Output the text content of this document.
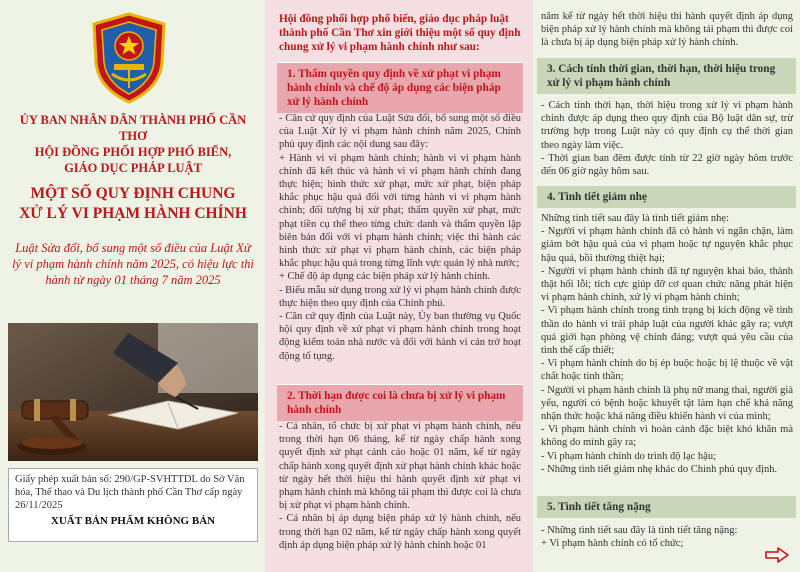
ỦY BAN NHÂN DÂN THÀNH PHỐ CẦN THƠ
HỘI ĐỒNG PHỐI HỢP PHỔ BIẾN,
GIÁO DỤC PHÁP LUẬT
MỘT SỐ QUY ĐỊNH CHUNG
XỬ LÝ VI PHẠM HÀNH CHÍNH
Luật Sửa đổi, bổ sung một số điều của Luật Xử lý vi phạm hành chính năm 2025, có hiệu lực thi hành từ ngày 01 tháng 7 năm 2025
Giấy phép xuất bản số: 290/GP-SVHTTDL do Sở Văn hóa, Thể thao và Du lịch thành phố Cần Thơ cấp ngày 26/11/2025
XUẤT BẢN PHẨM KHÔNG BÁN
Hội đồng phối hợp phổ biến, giáo dục pháp luật thành phố Cần Thơ xin giới thiệu một số quy định chung xử lý vi phạm hành chính như sau:
1. Thẩm quyền quy định về xử phạt vi phạm hành chính và chế độ áp dụng các biện pháp xử lý hành chính

- Căn cứ quy định của Luật Sửa đổi, bổ sung một số điều của Luật Xử lý vi phạm hành chính năm 2025, Chính phủ quy định các nội dung sau đây:

+ Hành vi vi phạm hành chính; hành vi vi phạm hành chính đã kết thúc và hành vi vi phạm hành chính đang thực hiện; hình thức xử phạt, mức xử phạt, biện pháp khắc phục hậu quả đối với từng hành vi vi phạm hành chính; đối tượng bị xử phạt; thẩm quyền xử phạt, mức phạt tiền cụ thể theo từng chức danh và thẩm quyền lập biên bản đối với vi phạm hành chính; việc thi hành các hình thức xử phạt vi phạm hành chính, các biện pháp khắc phục hậu quả trong từng lĩnh vực quản lý nhà nước;

+ Chế độ áp dụng các biện pháp xử lý hành chính.

- Biểu mẫu sử dụng trong xử lý vi phạm hành chính được thực hiện theo quy định của Chính phủ.

- Căn cứ quy định của Luật này, Ủy ban thường vụ Quốc hội quy định về xử phạt vi phạm hành chính trong hoạt động kiểm toán nhà nước và đối với hành vi cản trở hoạt động tố tụng.

2. Thời hạn được coi là chưa bị xử lý vi phạm hành chính

- Cá nhân, tổ chức bị xử phạt vi phạm hành chính, nếu trong thời hạn 06 tháng, kể từ ngày chấp hành xong quyết định xử phạt cảnh cáo hoặc 01 năm, kể từ ngày chấp hành xong quyết định xử phạt hành chính khác hoặc từ ngày hết thời hiệu thi hành quyết định xử phạt vi phạm hành chính mà không tái phạm thì được coi là chưa bị xử phạt vi phạm hành chính.

- Cá nhân bị áp dụng biện pháp xử lý hành chính, nếu trong thời hạn 02 năm, kể từ ngày chấp hành xong quyết định áp dụng biện pháp xử lý hành chính hoặc 01

năm kể từ ngày hết thời hiệu thi hành quyết định áp dụng biện pháp xử lý hành chính mà không tái phạm thì được coi là chưa bị áp dụng biện pháp xử lý hành chính.
3. Cách tính thời gian, thời hạn, thời hiệu trong xử lý vi phạm hành chính

- Cách tính thời hạn, thời hiệu trong xử lý vi phạm hành chính được áp dụng theo quy định của Bộ luật dân sự, trừ trường hợp trong Luật này có quy định cụ thể thời gian theo ngày làm việc.

- Thời gian ban đêm được tính từ 22 giờ ngày hôm trước đến 06 giờ ngày hôm sau.

4. Tình tiết giảm nhẹ

Những tình tiết sau đây là tình tiết giảm nhẹ:

- Người vi phạm hành chính đã có hành vi ngăn chặn, làm giảm bớt hậu quả của vi phạm hoặc tự nguyện khắc phục hậu quả, bồi thường thiệt hại;

- Người vi phạm hành chính đã tự nguyện khai báo, thành thật hối lỗi; tích cực giúp đỡ cơ quan chức năng phát hiện vi phạm hành chính, xử lý vi phạm hành chính;

- Vi phạm hành chính trong tình trạng bị kích động về tinh thần do hành vi trái pháp luật của người khác gây ra; vượt quá giới hạn phòng vệ chính đáng; vượt quá yêu cầu của tình thế cấp thiết;

- Vi phạm hành chính do bị ép buộc hoặc bị lệ thuộc về vật chất hoặc tinh thần;

- Người vi phạm hành chính là phụ nữ mang thai, người già yếu, người có bệnh hoặc khuyết tật làm hạn chế khả năng nhận thức hoặc khả năng điều khiển hành vi của mình;

- Vi phạm hành chính vì hoàn cảnh đặc biệt khó khăn mà không do mình gây ra;

- Vi phạm hành chính do trình độ lạc hậu;

- Những tình tiết giảm nhẹ khác do Chính phủ quy định.

5. Tình tiết tăng nặng

- Những tình tiết sau đây là tình tiết tăng nặng:

+ Vi phạm hành chính có tổ chức;
